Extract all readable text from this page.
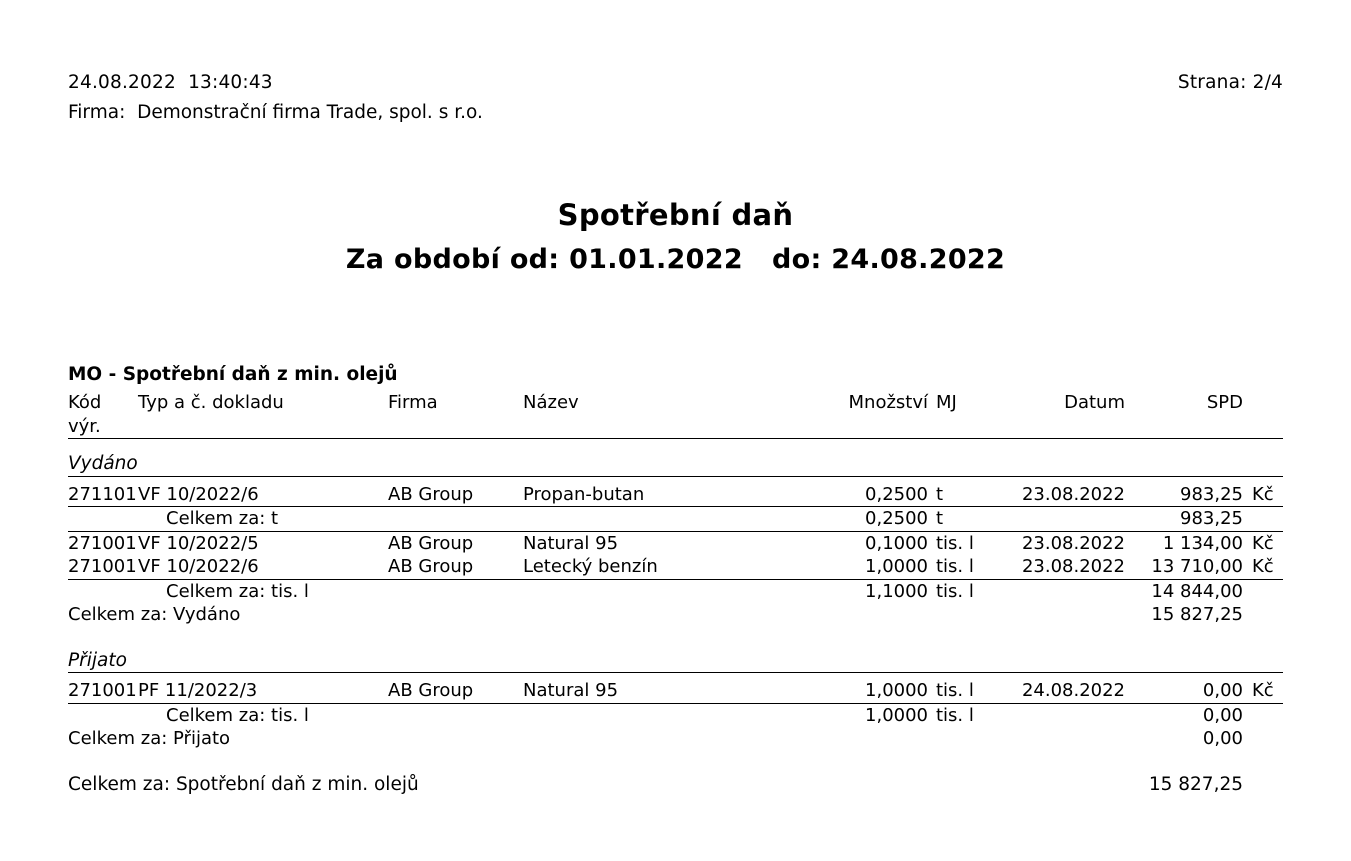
24.08.2022  13:40:43	Strana: 2/4
Firma:  Demonstrační firma Trade, spol. s r.o.
Spotřební daň
Za období od: 01.01.2022   do: 24.08.2022
MO - Spotřební daň z min. olejů
Kód	Typ a č. dokladu	Firma	Název	Množství	MJ	Datum	SPD	
výr.								

Vydáno								

271101	VF 10/2022/6	AB Group	Propan-butan	0,2500	t	23.08.2022	983,25	Kč

Celkem za: t				0,2500	t		983,25	

271001	VF 10/2022/5	AB Group	Natural 95	0,1000	tis. l	23.08.2022	1 134,00	Kč
271001	VF 10/2022/6	AB Group	Letecký benzín	1,0000	tis. l	23.08.2022	13 710,00	Kč

Celkem za: tis. l				1,1000	tis. l		14 844,00	
Celkem za: Vydáno							15 827,25	

Přijato								

271001	PF 11/2022/3	AB Group	Natural 95	1,0000	tis. l	24.08.2022	0,00	Kč

Celkem za: tis. l				1,0000	tis. l		0,00	
Celkem za: Přijato							0,00	

Celkem za: Spotřební daň z min. olejů							15 827,25	
